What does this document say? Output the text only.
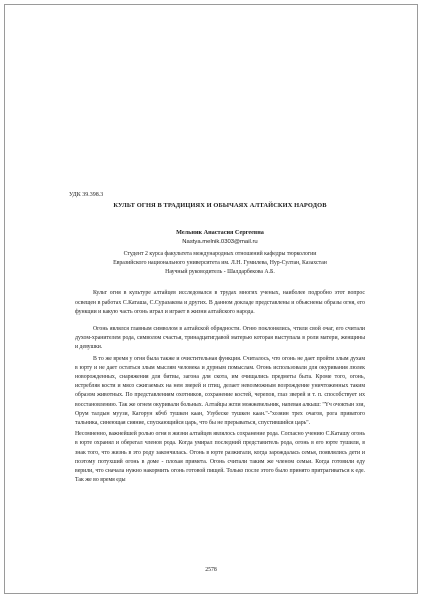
УДК 39.398.3
КУЛЬТ ОГНЯ В ТРАДИЦИЯХ И ОБЫЧАЯХ АЛТАЙСКИХ НАРОДОВ
Мельник Анастасия Сергеевна
Nastya.melnik.0303@mail.ru
Студент 2 курса факультета международных отношений кафедры тюркологии
Евразийского национального университета им. Л.Н. Гумилева, Нур-Султан, Казахстан
Научный руководитель - Шалдарбекова А.Б.

Культ огня в культуре алтайцев исследовался в трудах многих ученых, наиболее подробно этот вопрос освещен в работах С.Каташа, С.Суразакова и других. В данном докладе представлены и объяснены образы огня, его функции и какую часть огонь играл и играет в жизни алтайского народа.

Огонь являлся главным символом в алтайской обрядности. Огню поклонялись, чтили свой очаг, его считали духом-хранителем рода, символом счастья, тринадцатигдавой матерью которая выступала в роли матери, женщины и девушки.

В то же время у огня была также и очистительная функция. Считалось, что огонь не дает пройти злым духам в юрту и не дает остаться злым мыслям человека и дурным помыслам. Огонь использовали для окуривания люлек новорожденных, снаряжения для битвы, загона для скота, им очищались предметы быта. Кроме того, огонь, истребляя кости и мясо сжигаемых на нем зверей и птиц, делает невозможным возрождение уничтоженных таким образом животных. По представлениям охотников, сохранение костей, черепов, глаз зверей и т. п. способствует их восстановлению. Так же огнем окуривали больных. Алтайцы жгли можжевельник, напевая алкыш: "Үч очоктын эзи, Орум талдын муузи, Кагорун кбчб тушкен каан, Узубеске тушкен каан."-"хозяин трех очагов, рога приватого тальника, синеющая сияние, спускающийся царь, что бы не прерываться, спустившийся царь".

Несомненно, важнейшей ролью огня в жизни алтайцев являлось сохранение рода. Согласно учению С.Каташу огонь в юрте охранял и оберегал членов рода. Когда умирал последний представитель рода, огонь в его юрте тушили, в знак того, что жизнь в это роду закончилась. Огонь в юрте разжигали, когда зарождалась семья, появлялись дети и поэтому потухший огонь в доме - плохая примета. Огонь считали таким же членом семьи. Когда готовили еду верили, что сначала нужно накормить огонь готовой пищей. Только после этого было принято притрагиваться к еде. Так же во время еды

2578
